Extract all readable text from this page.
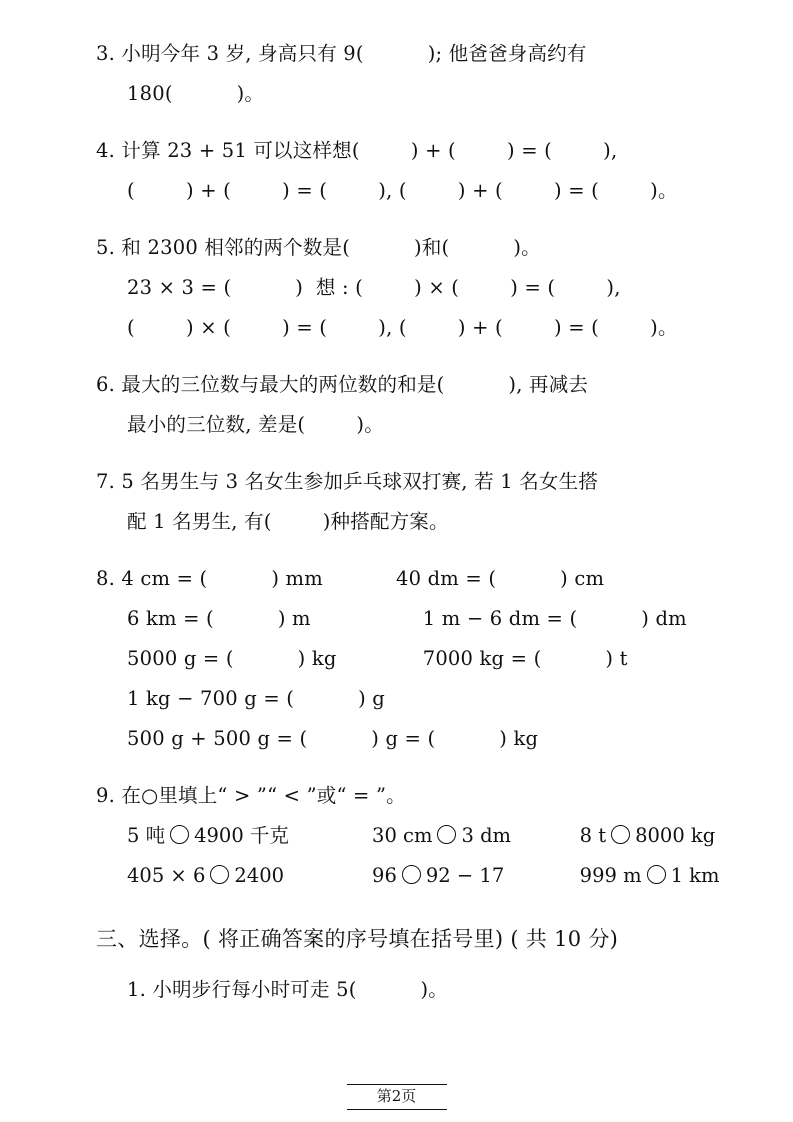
3. 小明今年 3 岁, 身高只有 9(          ); 他爸爸身高约有
180(          )。
4. 计算 23 + 51 可以这样想(        ) + (        ) = (        ),
(        ) + (        ) = (        ), (        ) + (        ) = (        )。
5. 和 2300 相邻的两个数是(          )和(          )。
23 × 3 = (          )  想 : (        ) × (        ) = (        ),
(        ) × (        ) = (        ), (        ) + (        ) = (        )。
6. 最大的三位数与最大的两位数的和是(          ), 再减去
最小的三位数, 差是(        )。
7. 5 名男生与 3 名女生参加乒乓球双打赛, 若 1 名女生搭
配 1 名男生, 有(        )种搭配方案。
8. 4 cm = (          ) mm	40 dm = (          ) cm
6 km = (          ) m	1 m − 6 dm = (          ) dm
5000 g = (          ) kg	7000 kg = (          ) t
1 kg − 700 g = (          ) g
500 g + 500 g = (          ) g = (          ) kg
9. 在○里填上“ > ”“ < ”或“ = ”。
5 吨 4900 千克	30 cm 3 dm	8 t 8000 kg
405 × 6 2400	96 92 − 17	999 m 1 km
三、选择。( 将正确答案的序号填在括号里) ( 共 10 分)
1. 小明步行每小时可走 5(          )。
第2页
